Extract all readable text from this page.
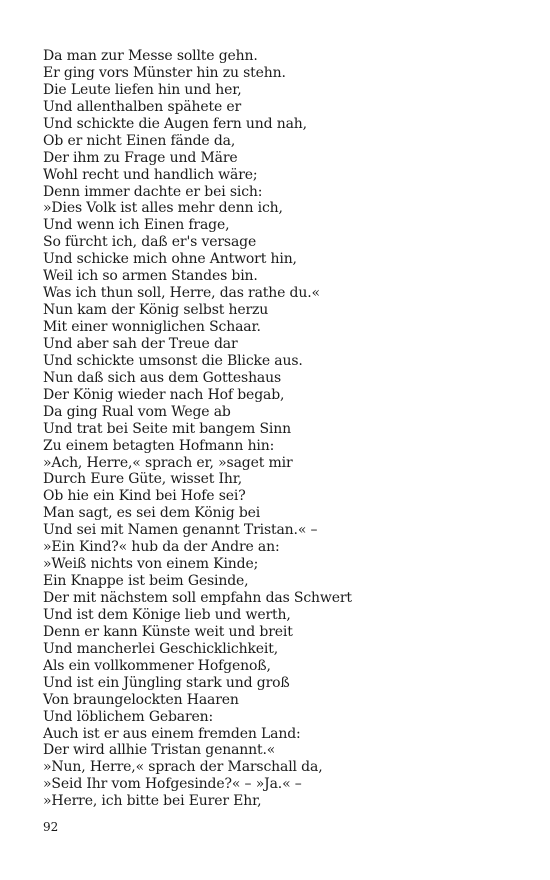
Da man zur Messe sollte gehn.
Er ging vors Münster hin zu stehn.
Die Leute liefen hin und her,
Und allenthalben spähete er
Und schickte die Augen fern und nah,
Ob er nicht Einen fände da,
Der ihm zu Frage und Märe
Wohl recht und handlich wäre;
Denn immer dachte er bei sich:
»Dies Volk ist alles mehr denn ich,
Und wenn ich Einen frage,
So fürcht ich, daß er's versage
Und schicke mich ohne Antwort hin,
Weil ich so armen Standes bin.
Was ich thun soll, Herre, das rathe du.«
Nun kam der König selbst herzu
Mit einer wonniglichen Schaar.
Und aber sah der Treue dar
Und schickte umsonst die Blicke aus.
Nun daß sich aus dem Gotteshaus
Der König wieder nach Hof begab,
Da ging Rual vom Wege ab
Und trat bei Seite mit bangem Sinn
Zu einem betagten Hofmann hin:
»Ach, Herre,« sprach er, »saget mir
Durch Eure Güte, wisset Ihr,
Ob hie ein Kind bei Hofe sei?
Man sagt, es sei dem König bei
Und sei mit Namen genannt Tristan.« –
»Ein Kind?« hub da der Andre an:
»Weiß nichts von einem Kinde;
Ein Knappe ist beim Gesinde,
Der mit nächstem soll empfahn das Schwert
Und ist dem Könige lieb und werth,
Denn er kann Künste weit und breit
Und mancherlei Geschicklichkeit,
Als ein vollkommener Hofgenoß,
Und ist ein Jüngling stark und groß
Von braungelockten Haaren
Und löblichem Gebaren:
Auch ist er aus einem fremden Land:
Der wird allhie Tristan genannt.«
»Nun, Herre,« sprach der Marschall da,
»Seid Ihr vom Hofgesinde?« – »Ja.« –
»Herre, ich bitte bei Eurer Ehr,
92
